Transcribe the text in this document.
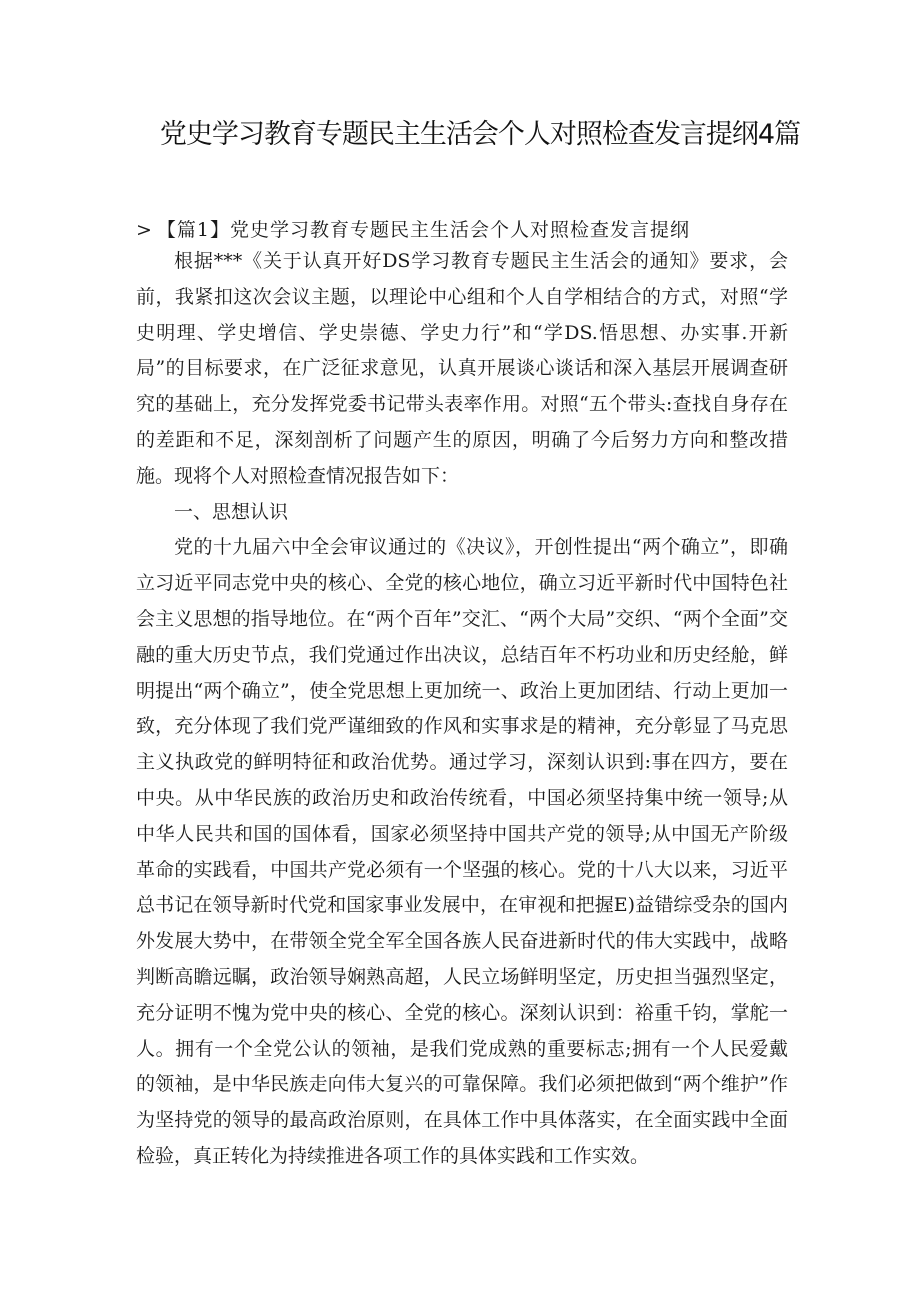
党史学习教育专题民主生活会个人对照检查发言提纲4篇
> 【篇1】党史学习教育专题民主生活会个人对照检查发言提纲

根据***《关于认真开好DS学习教育专题民主生活会的通知》要求，会前，我紧扣这次会议主题，以理论中心组和个人自学相结合的方式，对照“学史明理、学史增信、学史崇德、学史力行”和“学DS.悟思想、办实事.开新局”的目标要求，在广泛征求意见，认真开展谈心谈话和深入基层开展调查研究的基础上，充分发挥党委书记带头表率作用。对照“五个带头:查找自身存在的差距和不足，深刻剖析了问题产生的原因，明确了今后努力方向和整改措施。现将个人对照检查情况报告如下：

一、思想认识

党的十九届六中全会审议通过的《决议》，开创性提出“两个确立”，即确立习近平同志党中央的核心、全党的核心地位，确立习近平新时代中国特色社会主义思想的指导地位。在“两个百年”交汇、“两个大局”交织、“两个全面”交融的重大历史节点，我们党通过作出决议，总结百年不朽功业和历史经舱，鲜明提出“两个确立”，使全党思想上更加统一、政治上更加团结、行动上更加一致，充分体现了我们党严谨细致的作风和实事求是的精神，充分彰显了马克思主义执政党的鲜明特征和政治优势。通过学习，深刻认识到:事在四方，要在中央。从中华民族的政治历史和政治传统看，中国必须坚持集中统一领导;从中华人民共和国的国体看，国家必须坚持中国共产党的领导;从中国无产阶级革命的实践看，中国共产党必须有一个坚强的核心。党的十八大以来，习近平总书记在领导新时代党和国家事业发展中，在审视和把握E)益错综受杂的国内外发展大势中，在带领全党全军全国各族人民奋进新时代的伟大实践中，战略判断高瞻远瞩，政治领导娴熟高超，人民立场鲜明坚定，历史担当强烈坚定，充分证明不愧为党中央的核心、全党的核心。深刻认识到：裕重千钧，掌舵一人。拥有一个全党公认的领袖，是我们党成熟的重要标志;拥有一个人民爱戴的领袖，是中华民族走向伟大复兴的可靠保障。我们必须把做到“两个维护”作为坚持党的领导的最高政治原则，在具体工作中具体落实，在全面实践中全面检验，真正转化为持续推进各项工作的具体实践和工作实效。
